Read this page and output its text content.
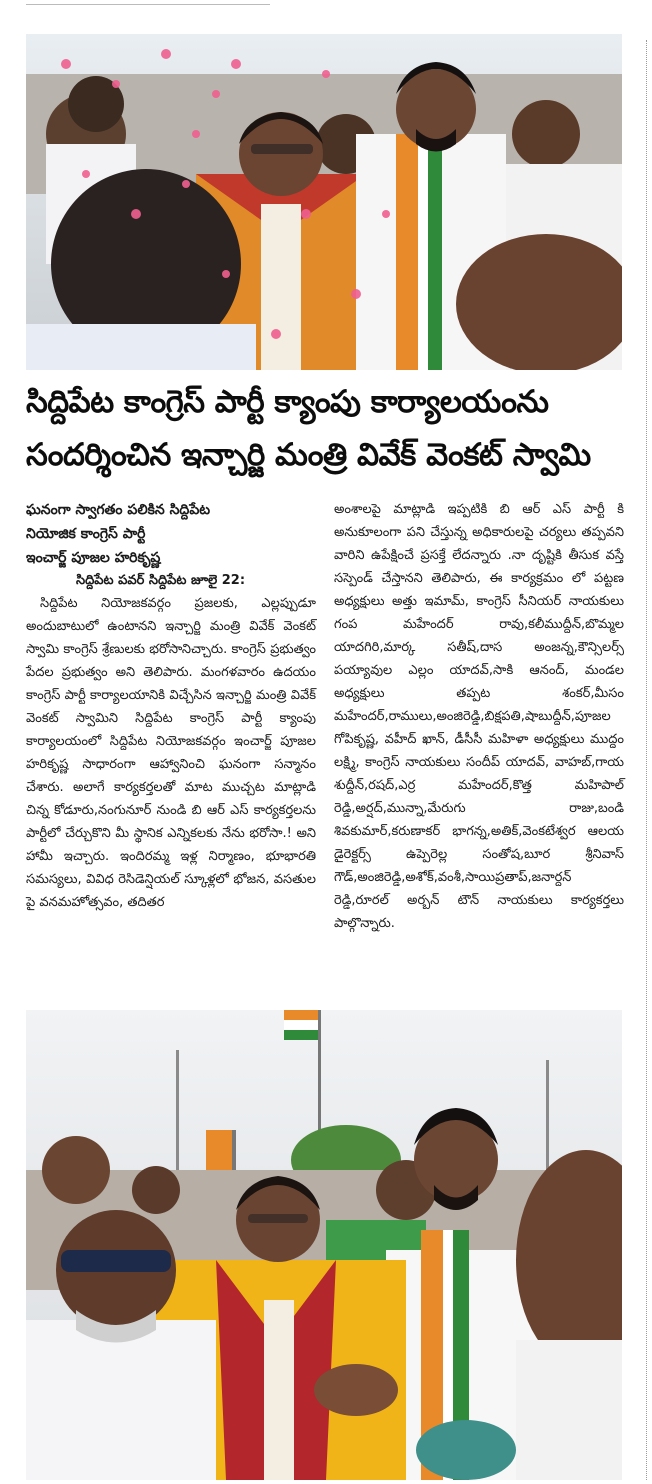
సిద్దిపేట కాంగ్రెస్ పార్టీ క్యాంపు కార్యాలయంను
సందర్శించిన ఇన్చార్జి మంత్రి వివేక్ వెంకట్ స్వామి

ఘనంగా స్వాగతం పలికిన సిద్దిపేట

నియోజిక కాంగ్రెస్ పార్టీ

ఇంచార్జ్ పూజల హరికృష్ణ

సిద్దిపేట పవర్ సిద్దిపేట జూలై 22:

సిద్దిపేట నియోజకవర్గం ప్రజలకు, ఎల్లప్పుడూ అందుబాటులో ఉంటానని ఇన్చార్జి మంత్రి వివేక్ వెంకట్ స్వామి కాంగ్రెస్ శ్రేణులకు భరోసానిచ్చారు. కాంగ్రెస్ ప్రభుత్వం పేదల ప్రభుత్వం అని తెలిపారు. మంగళవారం ఉదయం కాంగ్రెస్ పార్టీ కార్యాలయానికి విచ్చేసిన ఇన్చార్జి మంత్రి వివేక్ వెంకట్ స్వామిని సిద్దిపేట కాంగ్రెస్ పార్టీ క్యాంపు కార్యాలయంలో సిద్దిపేట నియోజకవర్గం ఇంచార్జ్ పూజల హరికృష్ణ సాధారంగా ఆహ్వానించి ఘనంగా సన్మానం చేశారు. అలాగే కార్యకర్తలతో మాట ముచ్చట మాట్లాడి చిన్న కోడూరు,నంగునూర్ నుండి బి ఆర్ ఎస్ కార్యకర్తలను పార్టీలో చేర్చుకొని మీ స్థానిక ఎన్నికలకు నేను భరోసా.! అని హామీ ఇచ్చారు. ఇందిరమ్మ ఇళ్ల నిర్మాణం, భూభారతి సమస్యలు, వివిధ రెసిడెన్షియల్ స్కూళ్లలో భోజన, వసతుల పై వనమహోత్సవం, తదితర

అంశాలపై మాట్లాడి ఇప్పటికి బి ఆర్ ఎస్ పార్టీ కి అనుకూలంగా పని చేస్తున్న అధికారులపై చర్యలు తప్పవని వారిని ఉపేక్షించే ప్రసక్తే లేదన్నారు .నా దృష్టికి తీసుక వస్తే సస్పెండ్ చేస్తానని తెలిపారు, ఈ కార్యక్రమం లో పట్టణ అధ్యక్షులు అత్తు ఇమామ్, కాంగ్రెస్ సీనియర్ నాయకులు గంప మహేందర్ రావు,కలీముద్దీన్,బొమ్మల యాదగిరి,మార్క సతీష్,దాస అంజన్న,కౌన్సిలర్స్ పయ్యావుల ఎల్లం యాదవ్,సాకి ఆనంద్, మండల అధ్యక్షులు తప్పట శంకర్,మీసం మహేందర్,రాములు,అంజిరెడ్డి,బిక్షపతి,షాబుద్దీన్,పూజల గోపికృష్ణ, వహీద్ ఖాన్, డీసీసీ మహిళా అధ్యక్షులు ముద్దం లక్ష్మి, కాంగ్రెస్ నాయకులు సందీప్ యాదవ్, వాహబ్,గాయ శుద్దీన్,రషద్,ఎర్ర మహేందర్,కొత్త మహిపాల్ రెడ్డి,అర్షద్,మున్నా,మేరుగు రాజు,బండి శివకుమార్,కరుణాకర్ భాగన్న,అతిక్,వెంకటేశ్వర ఆలయ డైరెక్టర్స్ ఉప్పెరెల్ల సంతోష,బూర శ్రీనివాస్ గౌడ్,అంజిరెడ్డి,అశోక్,వంశీ,సాయిప్రతాప్,జనార్దన్ రెడ్డి,రూరల్ అర్బన్ టౌన్ నాయకులు కార్యకర్తలు పాల్గొన్నారు.
